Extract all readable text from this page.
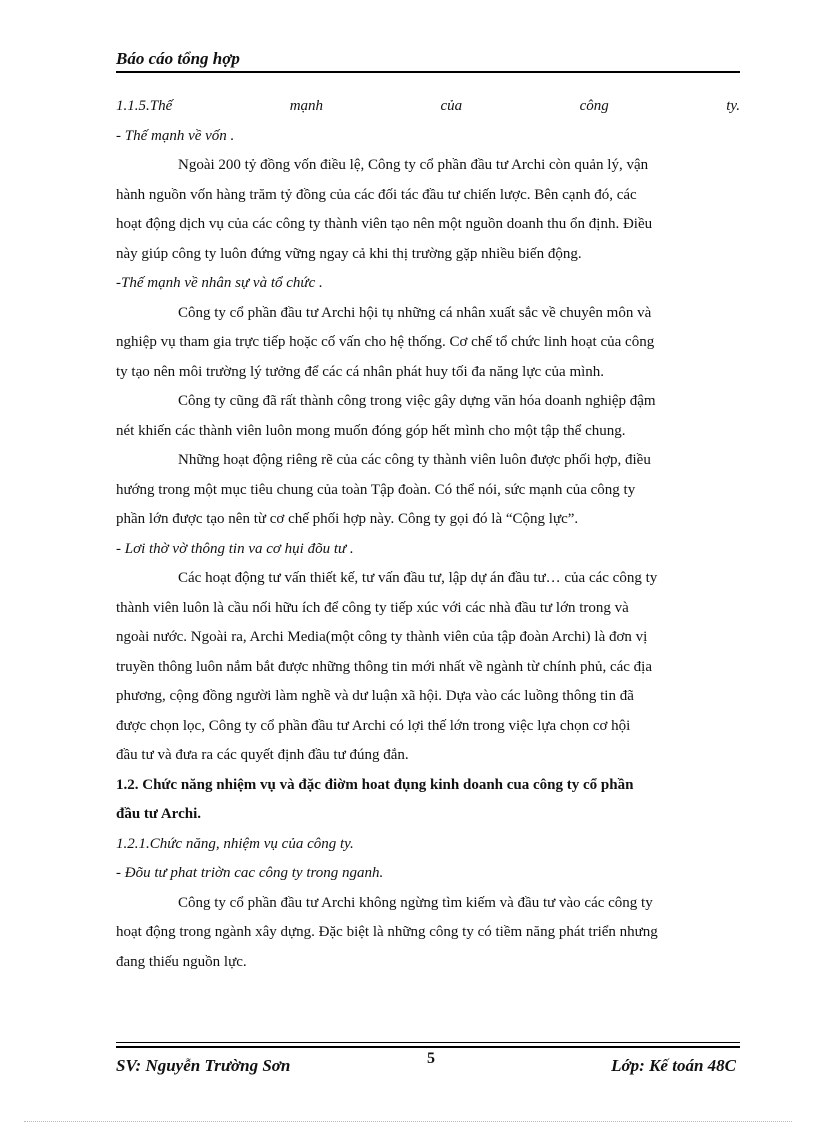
Báo cáo tổng hợp
1.1.5.Thế	mạnh	của	công	ty.
- Thế mạnh về vốn .
Ngoài 200 tỷ đồng vốn điều lệ, Công ty cổ phần đầu tư Archi còn quản lý, vận
hành nguồn vốn hàng trăm tỷ đồng của các đối tác đầu tư chiến lược. Bên cạnh đó, các
hoạt động dịch vụ của các công ty thành viên tạo nên một nguồn doanh thu ổn định. Điều
này giúp công ty luôn đứng vững ngay cả khi thị trường gặp nhiều biến động.
-Thế mạnh về nhân sự và tổ chức .
Công ty cổ phần đầu tư Archi hội tụ những cá nhân xuất sắc về chuyên môn và
nghiệp vụ tham gia trực tiếp hoặc cố vấn cho hệ thống. Cơ chế tổ chức linh hoạt của công
ty tạo nên môi trường lý tưởng để các cá nhân phát huy tối đa năng lực của mình.
Công ty cũng đã rất thành công trong việc gây dựng văn hóa doanh nghiệp đậm
nét khiến các thành viên luôn mong muốn đóng góp hết mình cho một tập thể chung.
Những hoạt động riêng rẽ của các công ty thành viên luôn được phối hợp, điều
hướng trong một mục tiêu chung của toàn Tập đoàn. Có thể nói, sức mạnh của công ty
phần lớn được tạo nên từ cơ chế phối hợp này. Công ty gọi đó là “Cộng lực”.
- Lơi thờ vờ thông tin va cơ hụi đõu tư .
Các hoạt động tư vấn thiết kế, tư vấn đầu tư, lập dự án đầu tư… của các công ty
thành viên luôn là cầu nối hữu ích để công ty tiếp xúc với các nhà đầu tư lớn trong và
ngoài nước. Ngoài ra, Archi Media(một công ty thành viên của tập đoàn Archi) là đơn vị
truyền thông luôn nắm bắt được những thông tin mới nhất về ngành từ chính phủ, các địa
phương, cộng đồng người làm nghề và dư luận xã hội. Dựa vào các luồng thông tin đã
được chọn lọc, Công ty cổ phần đầu tư Archi có lợi thế lớn trong việc lựa chọn cơ hội
đầu tư và đưa ra các quyết định đầu tư đúng đắn.
1.2. Chức năng nhiệm vụ và đặc điờm hoat đụng kinh doanh cua công ty cổ phần
đầu tư Archi.
1.2.1.Chức năng, nhiệm vụ của công ty.
- Đõu tư phat triờn cac công ty trong nganh.
Công ty cổ phần đầu tư Archi không ngừng tìm kiếm và đầu tư vào các công ty
hoạt động trong ngành xây dựng. Đặc biệt là những công ty có tiềm năng phát triển nhưng
đang thiếu nguồn lực.
SV: Nguyễn Trường Sơn	5	Lớp: Kế toán 48C
